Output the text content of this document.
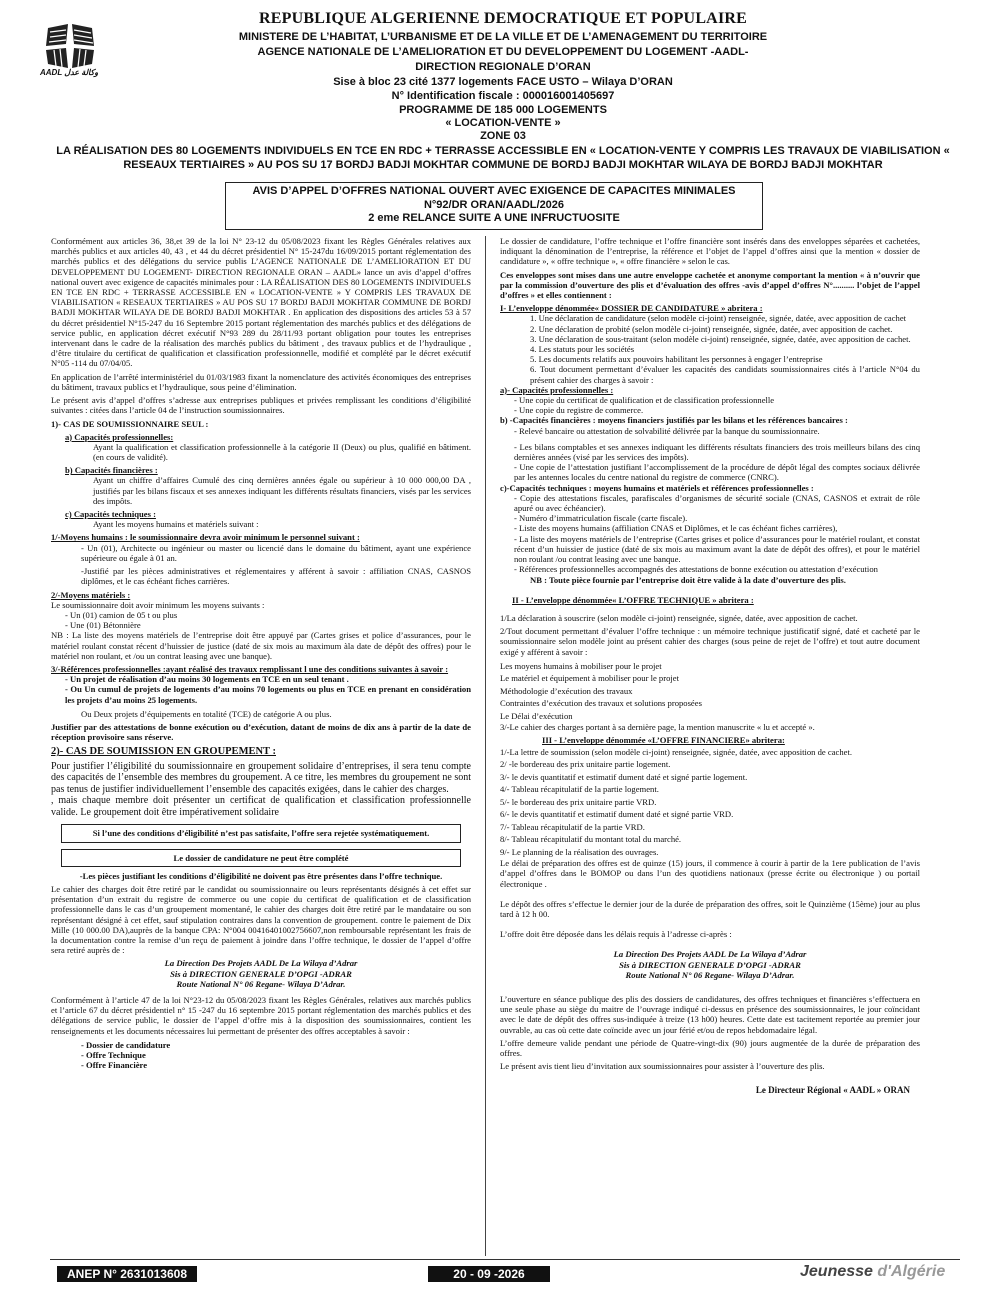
AADL وكالة عدل
REPUBLIQUE ALGERIENNE DEMOCRATIQUE ET POPULAIRE
MINISTERE DE L’HABITAT, L’URBANISME ET DE LA VILLE ET DE L’AMENAGEMENT DU TERRITOIRE
AGENCE NATIONALE DE L’AMELIORATION ET DU DEVELOPPEMENT DU LOGEMENT -AADL-
DIRECTION REGIONALE D’ORAN
Sise à bloc 23 cité 1377 logements FACE USTO – Wilaya D’ORAN
N° Identification fiscale : 000016001405697
PROGRAMME DE 185 000 LOGEMENTS
« LOCATION-VENTE »
ZONE 03
LA RÉALISATION DES 80 LOGEMENTS INDIVIDUELS EN TCE EN RDC + TERRASSE ACCESSIBLE EN « LOCATION-VENTE Y COMPRIS LES TRAVAUX DE VIABILISATION « RESEAUX TERTIAIRES » AU POS SU 17 BORDJ BADJI MOKHTAR COMMUNE DE BORDJ BADJI MOKHTAR WILAYA DE BORDJ BADJI MOKHTAR
AVIS D’APPEL D’OFFRES NATIONAL OUVERT AVEC EXIGENCE DE CAPACITES MINIMALES
N°92/DR ORAN/AADL/2026
2 eme RELANCE SUITE A UNE INFRUCTUOSITE

Conformément aux articles 36, 38,et 39 de la loi N° 23-12 du 05/08/2023 fixant les Règles Générales relatives aux marchés publics et aux articles 40, 43 , et 44 du décret présidentiel N° 15-247du 16/09/2015 portant réglementation des marchés publics et des délégations du service publis L’AGENCE NATIONALE DE L’AMELIORATION ET DU DEVELOPPEMENT DU LOGEMENT- DIRECTION REGIONALE ORAN – AADL» lance un avis d’appel d’offres national ouvert avec exigence de capacités minimales pour : LA RÉALISATION DES 80 LOGEMENTS INDIVIDUELS EN TCE EN RDC + TERRASSE ACCESSIBLE EN « LOCATION-VENTE » Y COMPRIS LES TRAVAUX DE VIABILISATION « RESEAUX TERTIAIRES » AU POS SU 17 BORDJ BADJI MOKHTAR COMMUNE DE BORDJ BADJI MOKHTAR WILAYA DE DE BORDJ BADJI MOKHTAR . En application des dispositions des articles 53 à 57 du décret présidentiel N°15-247 du 16 Septembre 2015 portant réglementation des marchés publics et des délégations de service public, en application décret exécutif N°93 289 du 28/11/93 portant obligation pour toutes les entreprises intervenant dans le cadre de la réalisation des marchés publics du bâtiment , des travaux publics et de l’hydraulique , d’être titulaire du certificat de qualification et classification professionnelle, modifié et complété par le décret exécutif N°05 -114 du 07/04/05.

En application de l’arrêté interministériel du 01/03/1983 fixant la nomenclature des activités économiques des entreprises du bâtiment, travaux publics et l’hydraulique, sous peine d’élimination.

Le présent avis d’appel d’offres s’adresse aux entreprises publiques et privées remplissant les conditions d’éligibilité suivantes : citées dans l’article 04 de l’instruction soumissionnaires.

1)- CAS DE SOUMISSIONNAIRE SEUL :
a) Capacités professionnelles:

Ayant la qualification et classification professionnelle à la catégorie II (Deux) ou plus, qualifié en bâtiment. (en cours de validité).

b) Capacités financières :

Ayant un chiffre d’affaires Cumulé des cinq dernières années égale ou supérieur à 10 000 000,00 DA , justifiés par les bilans fiscaux et ses annexes indiquant les différents résultats financiers, visés par les services des impôts.

c) Capacités techniques :

Ayant les moyens humains et matériels suivant :

1/-Moyens humains : le soumissionnaire devra avoir minimum le personnel suivant :

- Un (01), Architecte ou ingénieur ou master ou licencié dans le domaine du bâtiment, ayant une expérience supérieure ou égale à 01 an.

-Justifié par les pièces administratives et réglementaires y afférent à savoir : affiliation CNAS, CASNOS diplômes, et le cas échéant fiches carrières.

2/-Moyens matériels :
Le soumissionnaire doit avoir minimum les moyens suivants :
- Un (01) camion de 05 t ou plus
- Une (01) Bétonnière

NB : La liste des moyens matériels de l’entreprise doit être appuyé par (Cartes grises et police d’assurances, pour le matériel roulant constat récent d’huissier de justice (daté de six mois au maximum àla date de dépôt des offres) pour le matériel non roulant, et /ou un contrat leasing avec une banque).

3/-Références professionnelles :ayant réalisé des travaux remplissant l une des conditions suivantes à savoir :
- Un projet de réalisation d’au moins 30 logements en TCE en un seul tenant .
- Ou Un cumul de projets de logements d’au moins 70 logements ou plus en TCE en prenant en considération les projets d’au moins 25 logements.

Ou Deux projets d’équipements en totalité (TCE) de catégorie A ou plus.

Justifier par des attestations de bonne exécution ou d’exécution, datant de moins de dix ans à partir de la date de réception provisoire sans réserve.

2)- CAS DE SOUMISSION EN GROUPEMENT :

Pour justifier l’éligibilité du soumissionnaire en groupement solidaire d’entreprises, il sera tenu compte des capacités de l’ensemble des membres du groupement. A ce titre, les membres du groupement ne sont pas tenus de justifier individuellement l’ensemble des capacités exigées, dans le cahier des charges.

, mais chaque membre doit présenter un certificat de qualification et classification professionnelle valide. Le groupement doit être impérativement solidaire

Si l’une des conditions d’éligibilité n’est pas satisfaite, l’offre sera rejetée systématiquement.
Le dossier de candidature ne peut être complété

-Les pièces justifiant les conditions d’éligibilité ne doivent pas être présentes dans l’offre technique.

Le cahier des charges doit être retiré par le candidat ou soumissionnaire ou leurs représentants désignés à cet effet sur présentation d’un extrait du registre de commerce ou une copie du certificat de qualification et de classification professionnelle dans le cas d’un groupement momentané, le cahier des charges doit être retiré par le mandataire ou son représentant désigné à cet effet, sauf stipulation contraires dans la convention de groupement. contre le paiement de Dix Mille (10 000.00 DA),auprès de la banque CPA: N°004 00416401002756607,non remboursable représentant les frais de la documentation contre la remise d’un reçu de paiement à joindre dans l’offre technique, le dossier de l’appel d’offre sera retiré auprès de :

La Direction Des Projets AADL De La Wilaya d’Adrar
Sis à DIRECTION GENERALE D’OPGI -ADRAR
Route National N° 06 Regane- Wilaya D’Adrar.

Conformément à l’article 47 de la loi N°23-12 du 05/08/2023 fixant les Règles Générales, relatives aux marchés publics et l’article 67 du décret présidentiel n° 15 -247 du 16 septembre 2015 portant réglementation des marchés publics et des délégations de service public, le dossier de l’appel d’offre mis à la disposition des soumissionnaires, contient les renseignements et les documents nécessaires lui permettant de présenter des offres acceptables à savoir :

- Dossier de candidature
- Offre Technique
- Offre Financière

Le dossier de candidature, l’offre technique et l’offre financière sont insérés dans des enveloppes séparées et cachetées, indiquant la dénomination de l’entreprise, la référence et l’objet de l’appel d’offres ainsi que la mention « dossier de candidature », « offre technique », « offre financière » selon le cas.

Ces enveloppes sont mises dans une autre enveloppe cachetée et anonyme comportant la mention « à n’ouvrir que par la commission d’ouverture des plis et d’évaluation des offres -avis d’appel d’offres N°.......... l’objet de l’appel d’offres » et elles contiennent :

I- L’enveloppe dénommée« DOSSIER DE CANDIDATURE » abritera :
1. Une déclaration de candidature (selon modèle ci-joint) renseignée, signée, datée, avec apposition de cachet
2. Une déclaration de probité (selon modèle ci-joint) renseignée, signée, datée, avec apposition de cachet.
3. Une déclaration de sous-traitant (selon modèle ci-joint) renseignée, signée, datée, avec apposition de cachet.
4. Les statuts pour les sociétés
5. Les documents relatifs aux pouvoirs habilitant les personnes à engager l’entreprise
6. Tout document permettant d’évaluer les capacités des candidats soumissionnaires cités à l’article N°04 du présent cahier des charges à savoir :
a)- Capacités professionnelles :
- Une copie du certificat de qualification et de classification professionnelle
- Une copie du registre de commerce.
b) -Capacités financières : moyens financiers justifiés par les bilans et les références bancaires :
- Relevé bancaire ou attestation de solvabilité délivrée par la banque du soumissionnaire.
- Les bilans comptables et ses annexes indiquant les différents résultats financiers des trois meilleurs bilans des cinq dernières années (visé par les services des impôts).
- Une copie de l’attestation justifiant l’accomplissement de la procédure de dépôt légal des comptes sociaux délivrée par les antennes locales du centre national du registre de commerce (CNRC).
c)-Capacités techniques : moyens humains et matériels et références professionnelles :
- Copie des attestations fiscales, parafiscales d’organismes de sécurité sociale (CNAS, CASNOS et extrait de rôle apuré ou avec échéancier).
- Numéro d’immatriculation fiscale (carte fiscale).
- Liste des moyens humains (affiliation CNAS et Diplômes, et le cas échéant fiches carrières),
- La liste des moyens matériels de l’entreprise (Cartes grises et police d’assurances pour le matériel roulant, et constat récent d’un huissier de justice (daté de six mois au maximum avant la date de dépôt des offres), et pour le matériel non roulant /ou contrat leasing avec une banque.
- Références professionnelles accompagnés des attestations de bonne exécution ou attestation d’exécution
NB : Toute pièce fournie par l’entreprise doit être valide à la date d’ouverture des plis.
II - L’enveloppe dénommée« L’OFFRE TECHNIQUE » abritera :

1/La déclaration à souscrire (selon modèle ci-joint) renseignée, signée, datée, avec apposition de cachet.

2/Tout document permettant d’évaluer l’offre technique : un mémoire technique justificatif signé, daté et cacheté par le soumissionnaire selon modèle joint au présent cahier des charges (sous peine de rejet de l’offre) et tout autre document exigé y afférent à savoir :

Les moyens humains à mobiliser pour le projet
Le matériel et équipement à mobiliser pour le projet
Méthodologie d’exécution des travaux
Contraintes d’exécution des travaux et solutions proposées
Le Délai d’exécution

3/-Le cahier des charges portant à sa dernière page, la mention manuscrite « lu et accepté ».

III - L’enveloppe dénommée «L’OFFRE FINANCIERE» abritera:
1/-La lettre de soumission (selon modèle ci-joint) renseignée, signée, datée, avec apposition de cachet.
2/ -le bordereau des prix unitaire partie logement.
3/- le devis quantitatif et estimatif dument daté et signé partie logement.
4/- Tableau récapitulatif de la partie logement.
5/- le bordereau des prix unitaire partie VRD.
6/- le devis quantitatif et estimatif dument daté et signé partie VRD.
7/- Tableau récapitulatif de la partie VRD.
8/- Tableau récapitulatif du montant total du marché.
9/- Le planning de la réalisation des ouvrages.

Le délai de préparation des offres est de quinze (15) jours, il commence à courir à partir de la 1ere publication de l’avis d’appel d’offres dans le BOMOP ou dans l’un des quotidiens nationaux (presse écrite ou électronique ) ou portail électronique .

Le dépôt des offres s’effectue le dernier jour de la durée de préparation des offres, soit le Quinzième (15ème) jour au plus tard à 12 h 00.

L’offre doit être déposée dans les délais requis à l’adresse ci-après :

La Direction Des Projets AADL De La Wilaya d’Adrar
Sis à DIRECTION GENERALE D’OPGI -ADRAR
Route National N° 06 Regane- Wilaya D’Adrar.

L’ouverture en séance publique des plis des dossiers de candidatures, des offres techniques et financières s’effectuera en une seule phase au siège du maitre de l’ouvrage indiqué ci-dessus en présence des soumissionnaires, le jour coïncidant avec le date de dépôt des offres sus-indiquée à treize (13 h00) heures. Cette date est tacitement reportée au premier jour ouvrable, au cas où cette date coïncide avec un jour férié et/ou de repos hebdomadaire légal.

L’offre demeure valide pendant une période de Quatre-vingt-dix (90) jours augmentée de la durée de préparation des offres.

Le présent avis tient lieu d’invitation aux soumissionnaires pour assister à l’ouverture des plis.

Le Directeur Régional « AADL » ORAN
ANEP N° 2631013608	20 - 09 -2026	Jeunesse d'Algérie
